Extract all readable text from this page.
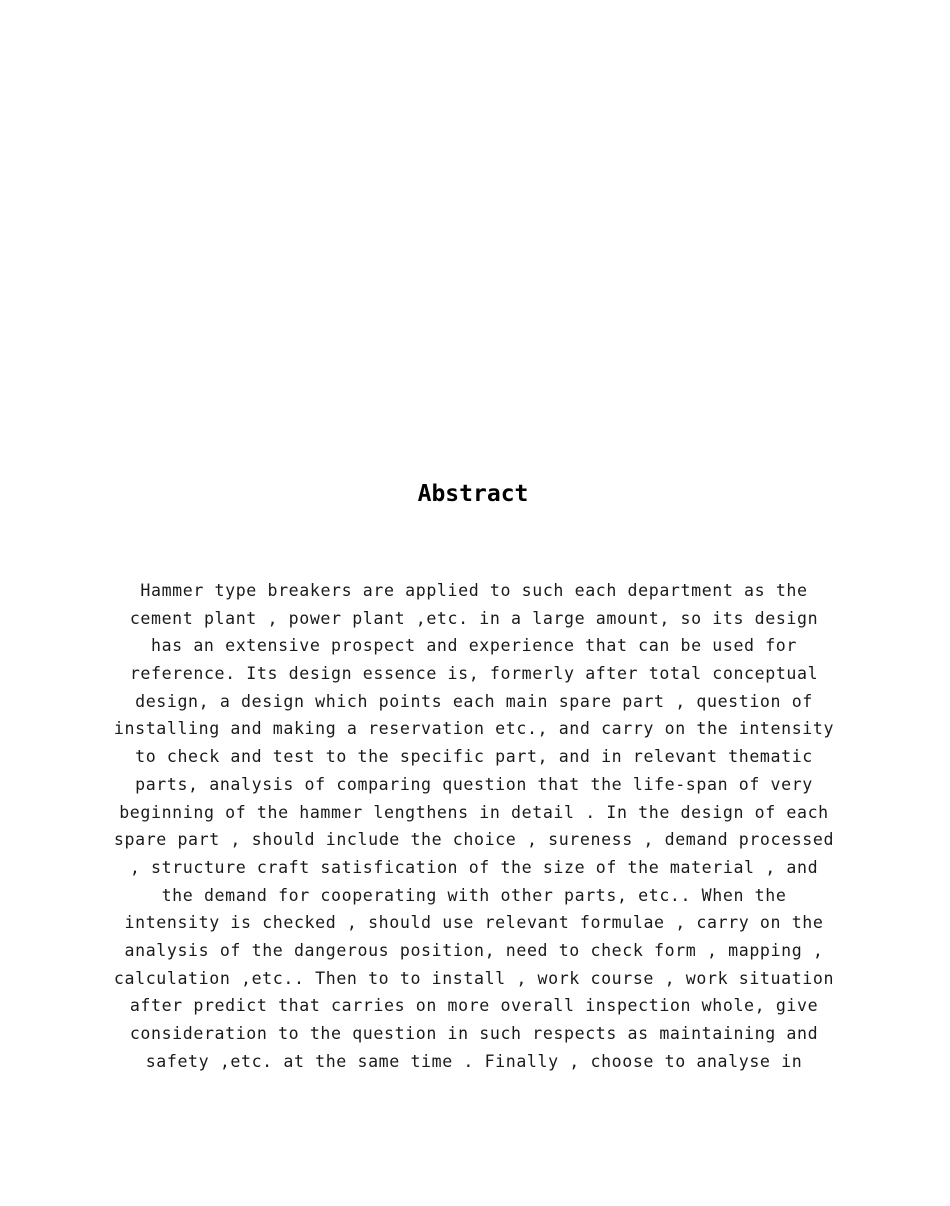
Abstract
Hammer type breakers are applied to such each department as the
cement plant , power plant ,etc. in a large amount, so its design
has an extensive prospect and experience that can be used for
reference. Its design essence is, formerly after total conceptual
design, a design which points each main spare part , question of
installing and making a reservation etc., and carry on the intensity
to check and test to the specific part, and in relevant thematic
parts, analysis of comparing question that the life-span of very
beginning of the hammer lengthens in detail . In the design of each
spare part , should include the choice , sureness , demand processed
, structure craft satisfication of the size of the material , and
the demand for cooperating with other parts, etc.. When the
intensity is checked , should use relevant formulae , carry on the
analysis of the dangerous position, need to check form , mapping ,
calculation ,etc.. Then to to install , work course , work situation
after predict that carries on more overall inspection whole, give
consideration to the question in such respects as maintaining and
safety ,etc. at the same time . Finally , choose to analyse in
